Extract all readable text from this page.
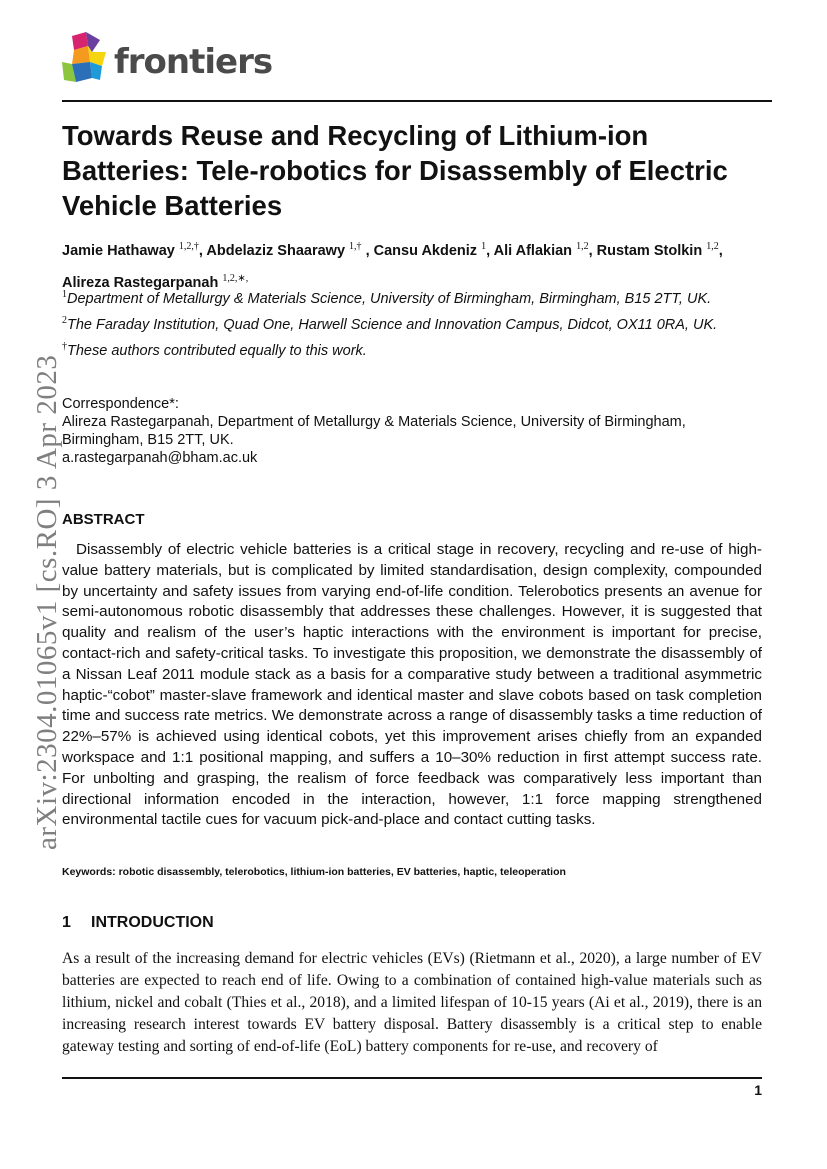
frontiers
arXiv:2304.01065v1 [cs.RO] 3 Apr 2023
Towards Reuse and Recycling of Lithium-ion Batteries: Tele-robotics for Disassembly of Electric Vehicle Batteries
Jamie Hathaway $^{1,2,\dagger}$, Abdelaziz Shaarawy $^{1,\dagger}$ , Cansu Akdeniz $^1$, Ali Aflakian $^{1,2}$, Rustam Stolkin $^{1,2}$, Alireza Rastegarpanah $^{1,2,∗,}$
$^1$Department of Metallurgy & Materials Science, University of Birmingham, Birmingham, B15 2TT, UK.
$^2$The Faraday Institution, Quad One, Harwell Science and Innovation Campus, Didcot, OX11 0RA, UK.
†These authors contributed equally to this work.
Correspondence*:
Alireza Rastegarpanah, Department of Metallurgy & Materials Science, University of Birmingham, Birmingham, B15 2TT, UK.
a.rastegarpanah@bham.ac.uk
ABSTRACT

Disassembly of electric vehicle batteries is a critical stage in recovery, recycling and re-use of high-value battery materials, but is complicated by limited standardisation, design complexity, compounded by uncertainty and safety issues from varying end-of-life condition. Telerobotics presents an avenue for semi-autonomous robotic disassembly that addresses these challenges. However, it is suggested that quality and realism of the user’s haptic interactions with the environment is important for precise, contact-rich and safety-critical tasks. To investigate this proposition, we demonstrate the disassembly of a Nissan Leaf 2011 module stack as a basis for a comparative study between a traditional asymmetric haptic-“cobot” master-slave framework and identical master and slave cobots based on task completion time and success rate metrics. We demonstrate across a range of disassembly tasks a time reduction of 22%–57% is achieved using identical cobots, yet this improvement arises chiefly from an expanded workspace and 1:1 positional mapping, and suffers a 10–30% reduction in first attempt success rate. For unbolting and grasping, the realism of force feedback was comparatively less important than directional information encoded in the interaction, however, 1:1 force mapping strengthened environmental tactile cues for vacuum pick-and-place and contact cutting tasks.

Keywords: robotic disassembly, telerobotics, lithium-ion batteries, EV batteries, haptic, teleoperation
1 INTRODUCTION

As a result of the increasing demand for electric vehicles (EVs) (Rietmann et al., 2020), a large number of EV batteries are expected to reach end of life. Owing to a combination of contained high-value materials such as lithium, nickel and cobalt (Thies et al., 2018), and a limited lifespan of 10-15 years (Ai et al., 2019), there is an increasing research interest towards EV battery disposal. Battery disassembly is a critical step to enable gateway testing and sorting of end-of-life (EoL) battery components for re-use, and recovery of

1
